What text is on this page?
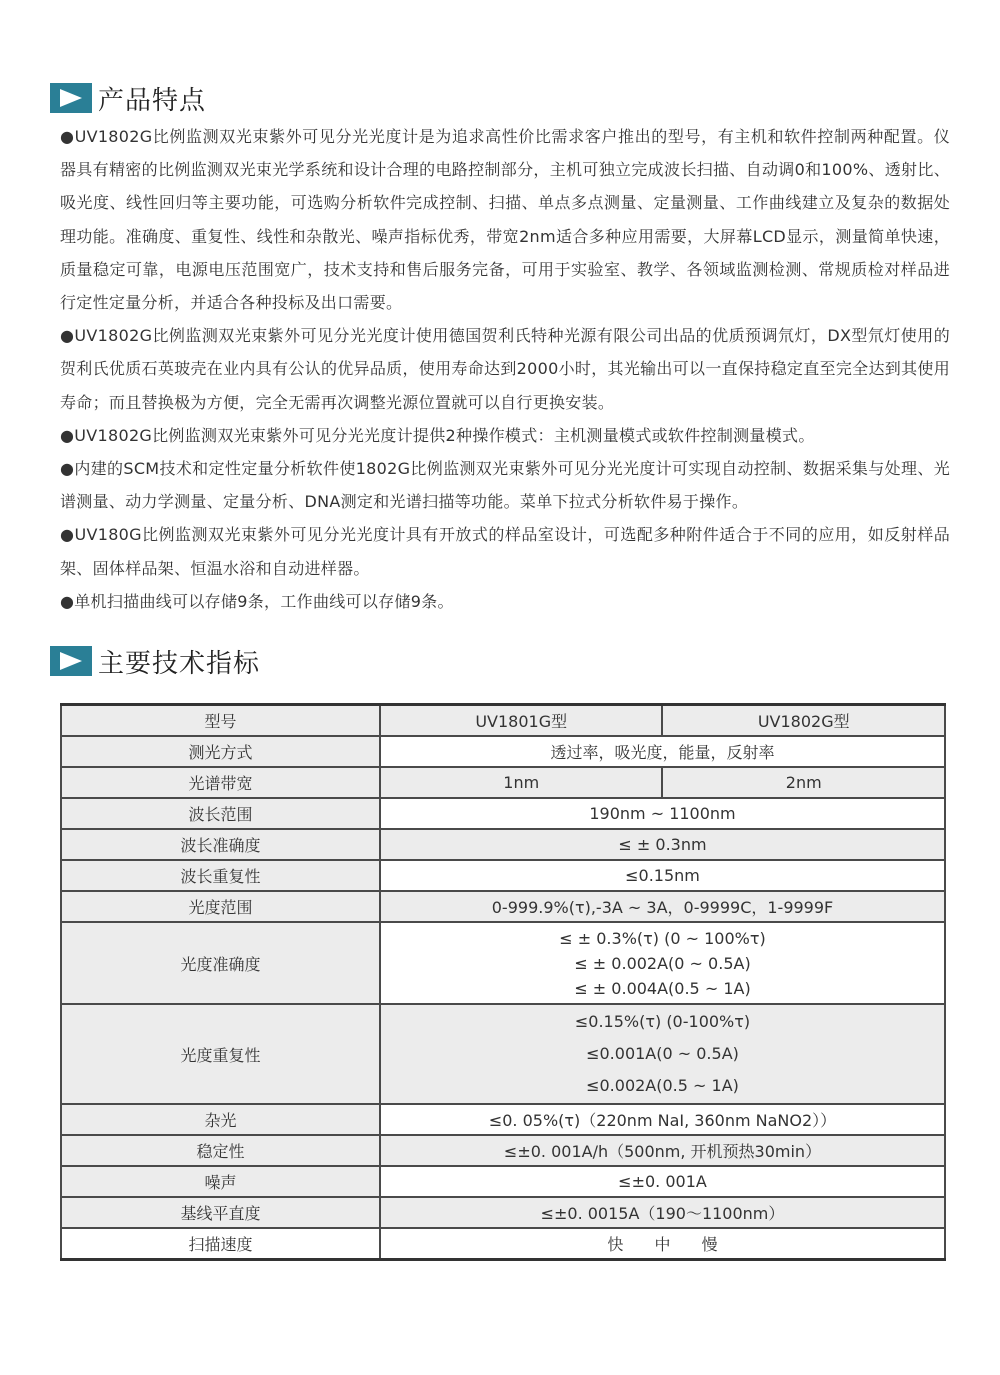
产品特点

●UV1802G比例监测双光束紫外可见分光光度计是为追求高性价比需求客户推出的型号，有主机和软件控制两种配置。仪器具有精密的比例监测双光束光学系统和设计合理的电路控制部分，主机可独立完成波长扫描、自动调0和100%、透射比、吸光度、线性回归等主要功能，可选购分析软件完成控制、扫描、单点多点测量、定量测量、工作曲线建立及复杂的数据处理功能。准确度、重复性、线性和杂散光、噪声指标优秀，带宽2nm适合多种应用需要，大屏幕LCD显示，测量简单快速，质量稳定可靠，电源电压范围宽广，技术支持和售后服务完备，可用于实验室、教学、各领域监测检测、常规质检对样品进行定性定量分析，并适合各种投标及出口需要。

●UV1802G比例监测双光束紫外可见分光光度计使用德国贺利氏特种光源有限公司出品的优质预调氘灯，DX型氘灯使用的贺利氏优质石英玻壳在业内具有公认的优异品质，使用寿命达到2000小时，其光输出可以一直保持稳定直至完全达到其使用寿命；而且替换极为方便，完全无需再次调整光源位置就可以自行更换安装。

●UV1802G比例监测双光束紫外可见分光光度计提供2种操作模式：主机测量模式或软件控制测量模式。

●内建的SCM技术和定性定量分析软件使1802G比例监测双光束紫外可见分光光度计可实现自动控制、数据采集与处理、光谱测量、动力学测量、定量分析、DNA测定和光谱扫描等功能。菜单下拉式分析软件易于操作。

●UV180G比例监测双光束紫外可见分光光度计具有开放式的样品室设计，可选配多种附件适合于不同的应用，如反射样品架、固体样品架、恒温水浴和自动进样器。

●单机扫描曲线可以存储9条，工作曲线可以存储9条。

主要技术指标
型号	UV1801G型	UV1802G型
测光方式	透过率，吸光度，能量，反射率	
光谱带宽	1nm	2nm
波长范围	190nm ~ 1100nm	
波长准确度	≤ ± 0.3nm	
波长重复性	≤0.15nm	
光度范围	0-999.9%(τ),-3A ~ 3A，0-9999C，1-9999F	
光度准确度	≤ ± 0.3%(τ) (0 ~ 100%τ)
≤ ± 0.002A(0 ~ 0.5A)
≤ ± 0.004A(0.5 ~ 1A)	

光度重复性	≤0.15%(τ) (0-100%τ)
≤0.001A(0 ~ 0.5A)
≤0.002A(0.5 ~ 1A)	

杂光	≤0. 05%(τ)（220nm NaI, 360nm NaNO2））	
稳定性	≤±0. 001A/h（500nm, 开机预热30min）	
噪声	≤±0. 001A	
基线平直度	≤±0. 0015A（190～1100nm）	
扫描速度	快 中 慢	
